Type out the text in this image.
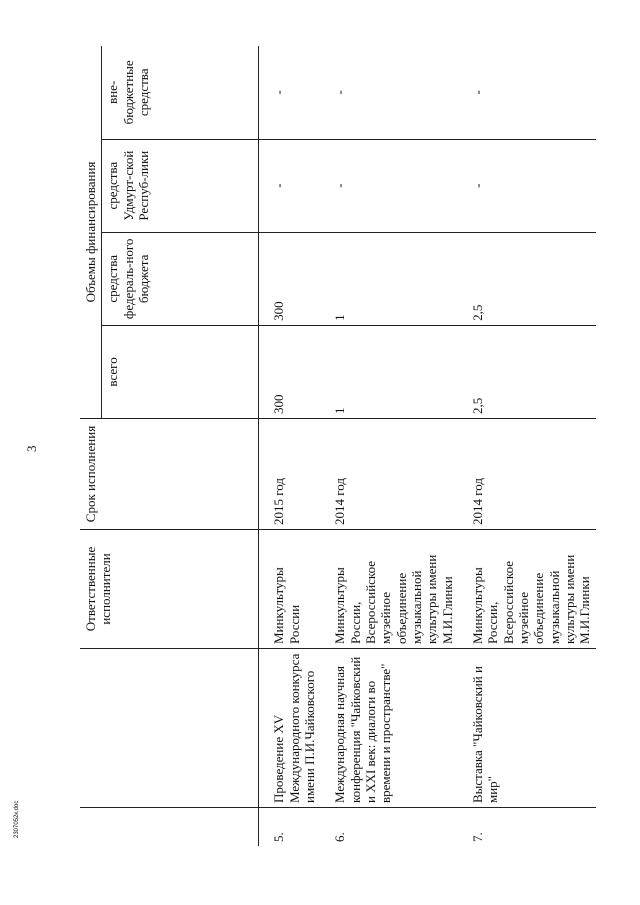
3
		Ответственные исполнители	Срок исполнения	Объемы финансирования			
				всего	средства федераль-ного бюджета	средства Удмурт-ской Респуб-лики	вне-бюджетные средства
5.	Проведение XV Международного конкурса имени П.И.Чайковского	Минкультуры России	2015 год	300	300	-	-
6.	Международная научная конференция "Чайковский и XXI век: диалоги во времени и пространстве"	Минкультуры России, Всероссийское музейное объединение музыкальной культуры имени М.И.Глинки	2014 год	1	1	-	-
7.	Выставка "Чайковский и мир"	Минкультуры России, Всероссийское музейное объединение музыкальной культуры имени М.И.Глинки	2014 год	2,5	2,5	-	-
2307052к.doc
